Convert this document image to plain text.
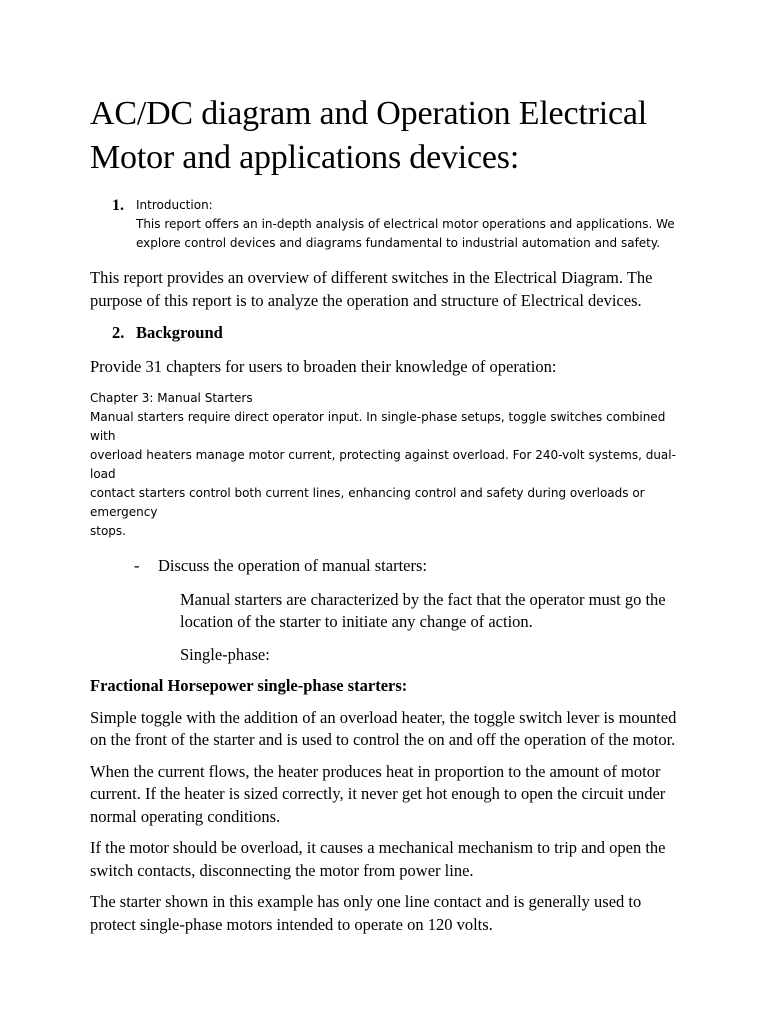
AC/DC diagram and Operation Electrical Motor and applications devices:
1. Introduction:
This report offers an in-depth analysis of electrical motor operations and applications. We
explore control devices and diagrams fundamental to industrial automation and safety.

This report provides an overview of different switches in the Electrical Diagram. The purpose of this report is to analyze the operation and structure of Electrical devices.

2. Background

Provide 31 chapters for users to broaden their knowledge of operation:

Chapter 3: Manual Starters
Manual starters require direct operator input. In single-phase setups, toggle switches combined with
overload heaters manage motor current, protecting against overload. For 240-volt systems, dual-load
contact starters control both current lines, enhancing control and safety during overloads or emergency
stops.
- Discuss the operation of manual starters:

Manual starters are characterized by the fact that the operator must go the location of the starter to initiate any change of action.

Single-phase:

Fractional Horsepower single-phase starters:

Simple toggle with the addition of an overload heater, the toggle switch lever is mounted on the front of the starter and is used to control the on and off the operation of the motor.

When the current flows, the heater produces heat in proportion to the amount of motor current. If the heater is sized correctly, it never get hot enough to open the circuit under normal operating conditions.

If the motor should be overload, it causes a mechanical mechanism to trip and open the switch contacts, disconnecting the motor from power line.

The starter shown in this example has only one line contact and is generally used to protect single-phase motors intended to operate on 120 volts.
